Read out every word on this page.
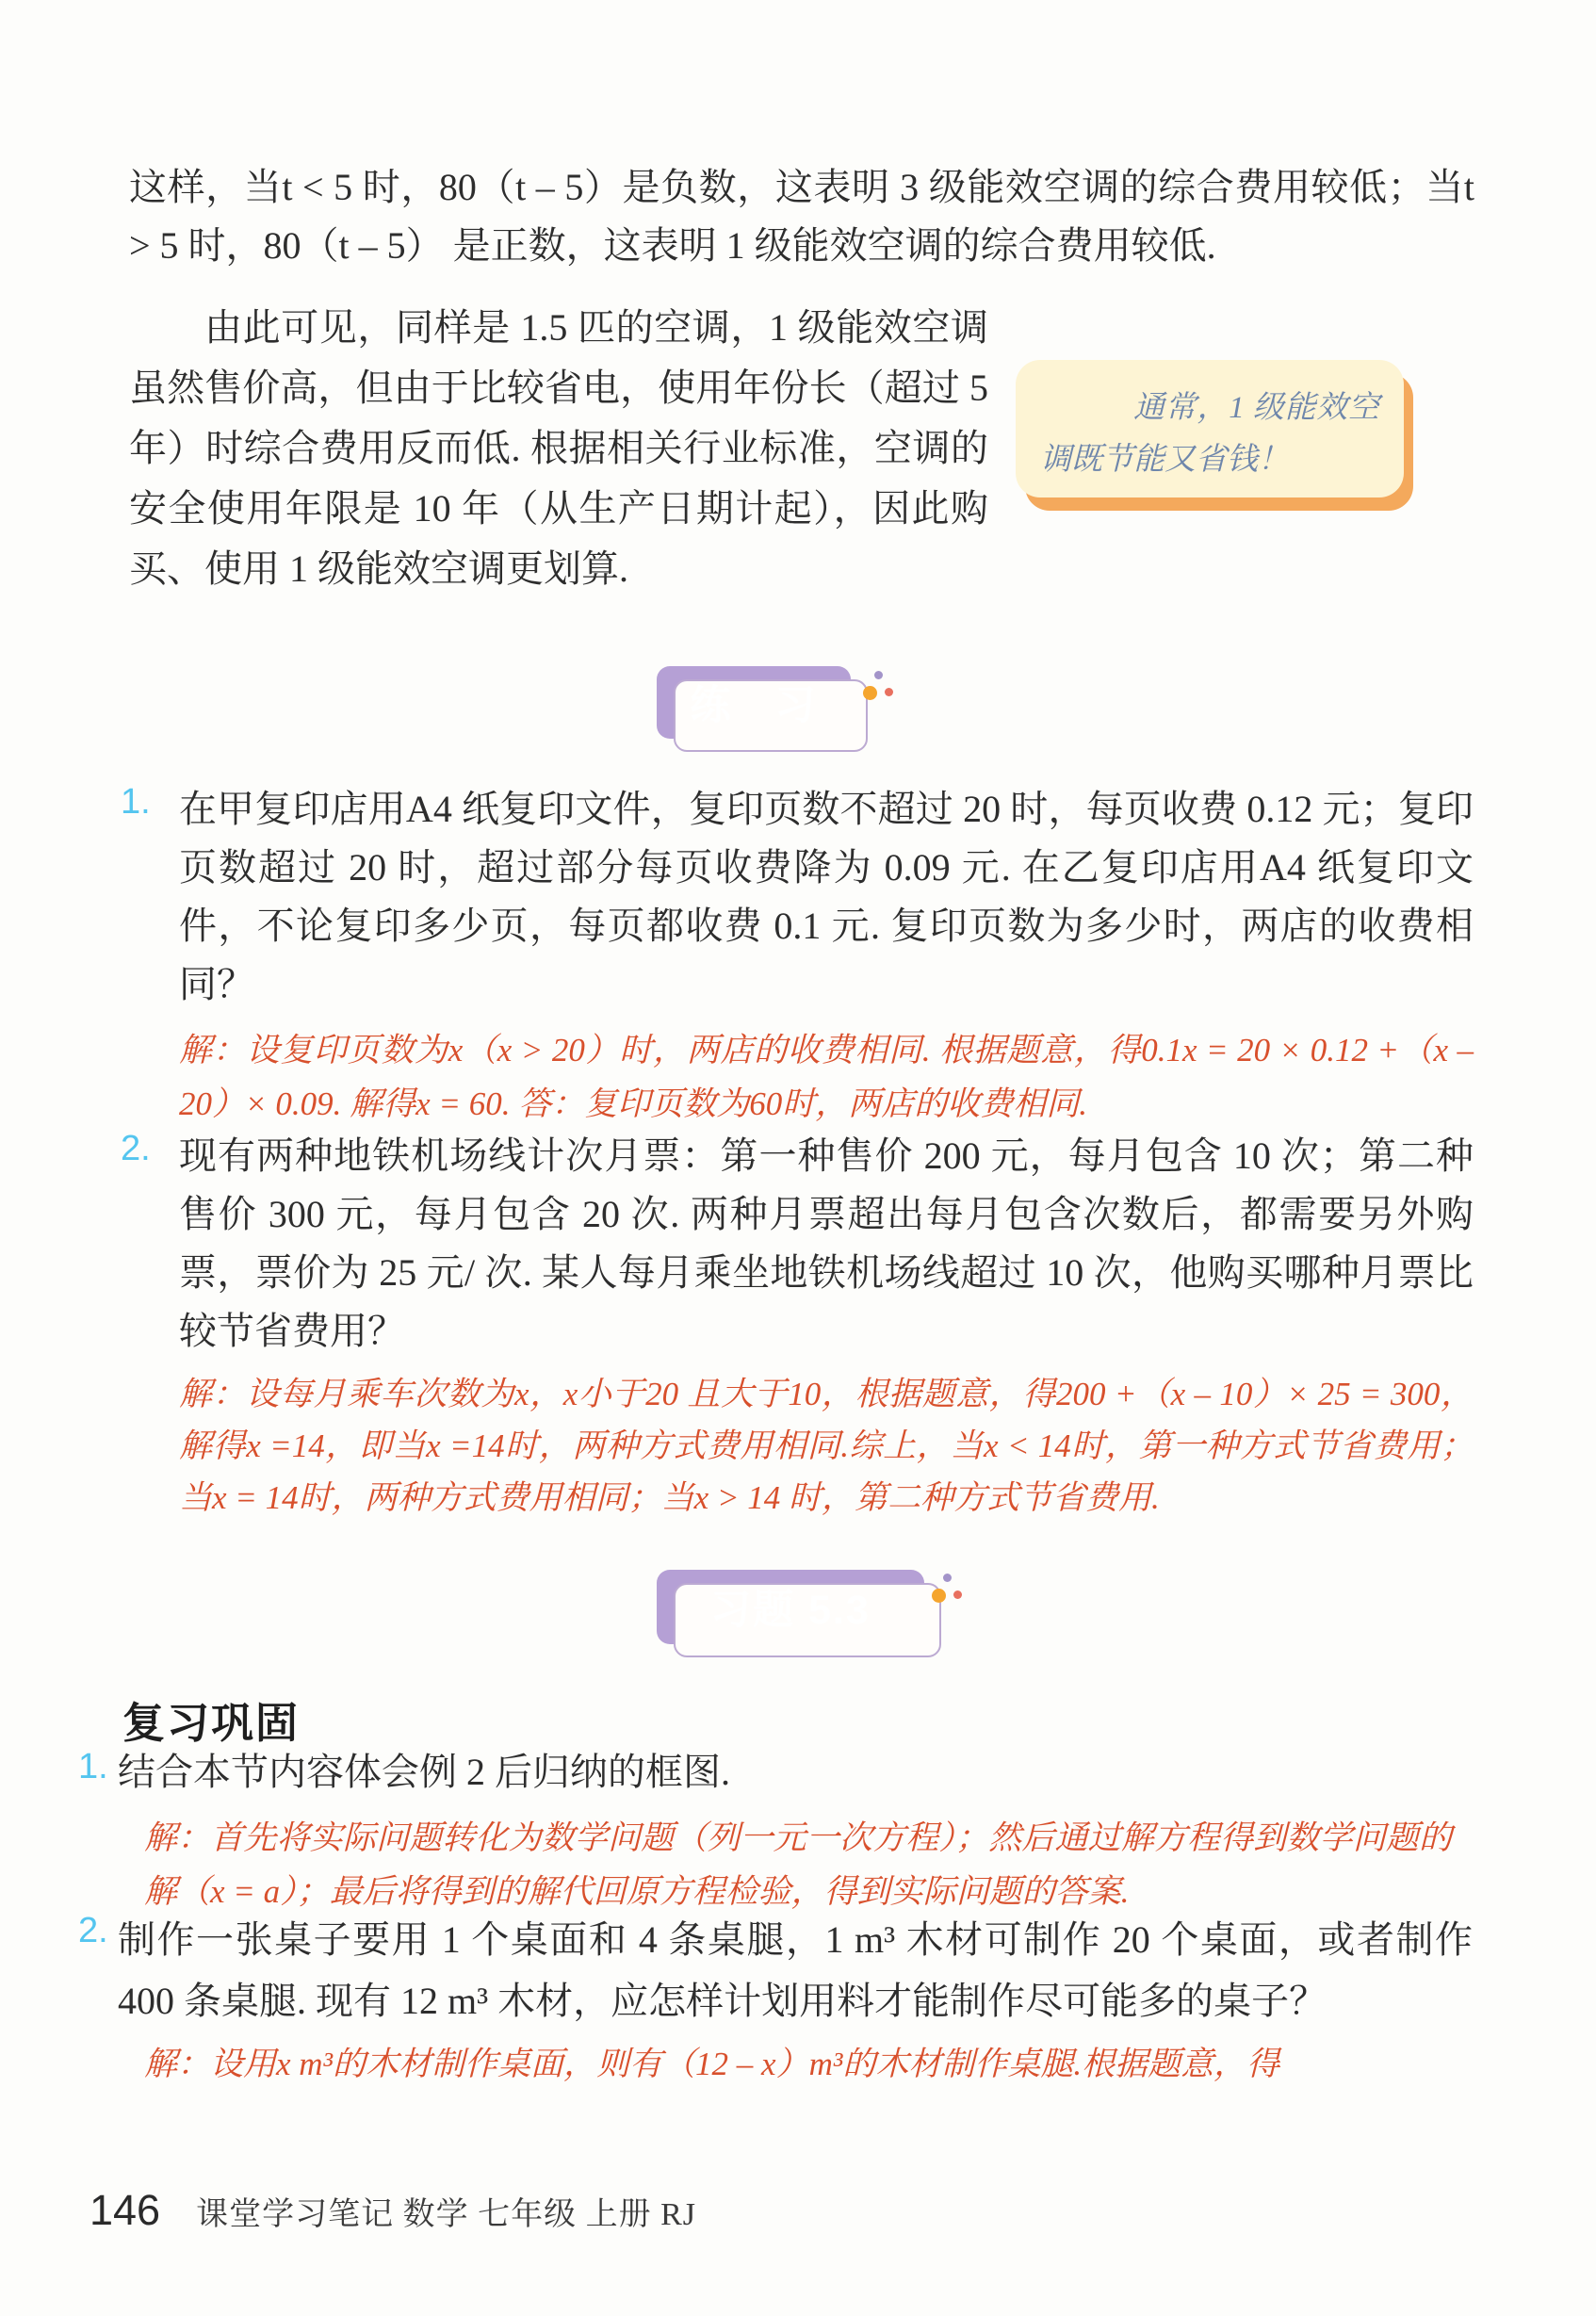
这样，当t < 5 时，80（t – 5）是负数，这表明 3 级能效空调的综合费用较低；当t > 5 时，80（t – 5） 是正数，这表明 1 级能效空调的综合费用较低.

由此可见，同样是 1.5 匹的空调，1 级能效空调虽然售价高，但由于比较省电，使用年份长（超过 5 年）时综合费用反而低. 根据相关行业标准，空调的安全使用年限是 10 年（从生产日期计起），因此购买、使用 1 级能效空调更划算.

通常，1 级能效空调既节能又省钱！

练　习
1. 在甲复印店用A4 纸复印文件，复印页数不超过 20 时，每页收费 0.12 元；复印页数超过 20 时，超过部分每页收费降为 0.09 元. 在乙复印店用A4 纸复印文件，不论复印多少页，每页都收费 0.1 元. 复印页数为多少时，两店的收费相同？

解：设复印页数为x（x > 20）时，两店的收费相同. 根据题意，得0.1x = 20 × 0.12 +（x – 20）× 0.09. 解得x = 60. 答：复印页数为60时，两店的收费相同.

2. 现有两种地铁机场线计次月票：第一种售价 200 元，每月包含 10 次；第二种售价 300 元，每月包含 20 次. 两种月票超出每月包含次数后，都需要另外购票，票价为 25 元/ 次. 某人每月乘坐地铁机场线超过 10 次，他购买哪种月票比较节省费用？

解：设每月乘车次数为x，x小于20 且大于10，根据题意，得200 +（x – 10）× 25 = 300，解得x =14，即当x =14时，两种方式费用相同.综上，当x < 14时，第一种方式节省费用；当x = 14时，两种方式费用相同；当x > 14 时，第二种方式节省费用.

习题 5.3
复习巩固
1. 结合本节内容体会例 2 后归纳的框图.

解：首先将实际问题转化为数学问题（列一元一次方程）；然后通过解方程得到数学问题的解（x = a）；最后将得到的解代回原方程检验，得到实际问题的答案.

2. 制作一张桌子要用 1 个桌面和 4 条桌腿，1 m³ 木材可制作 20 个桌面，或者制作 400 条桌腿. 现有 12 m³ 木材，应怎样计划用料才能制作尽可能多的桌子？

解：设用x m³的木材制作桌面，则有（12 – x）m³的木材制作桌腿.根据题意，得

146 课堂学习笔记 数学 七年级 上册 RJ
